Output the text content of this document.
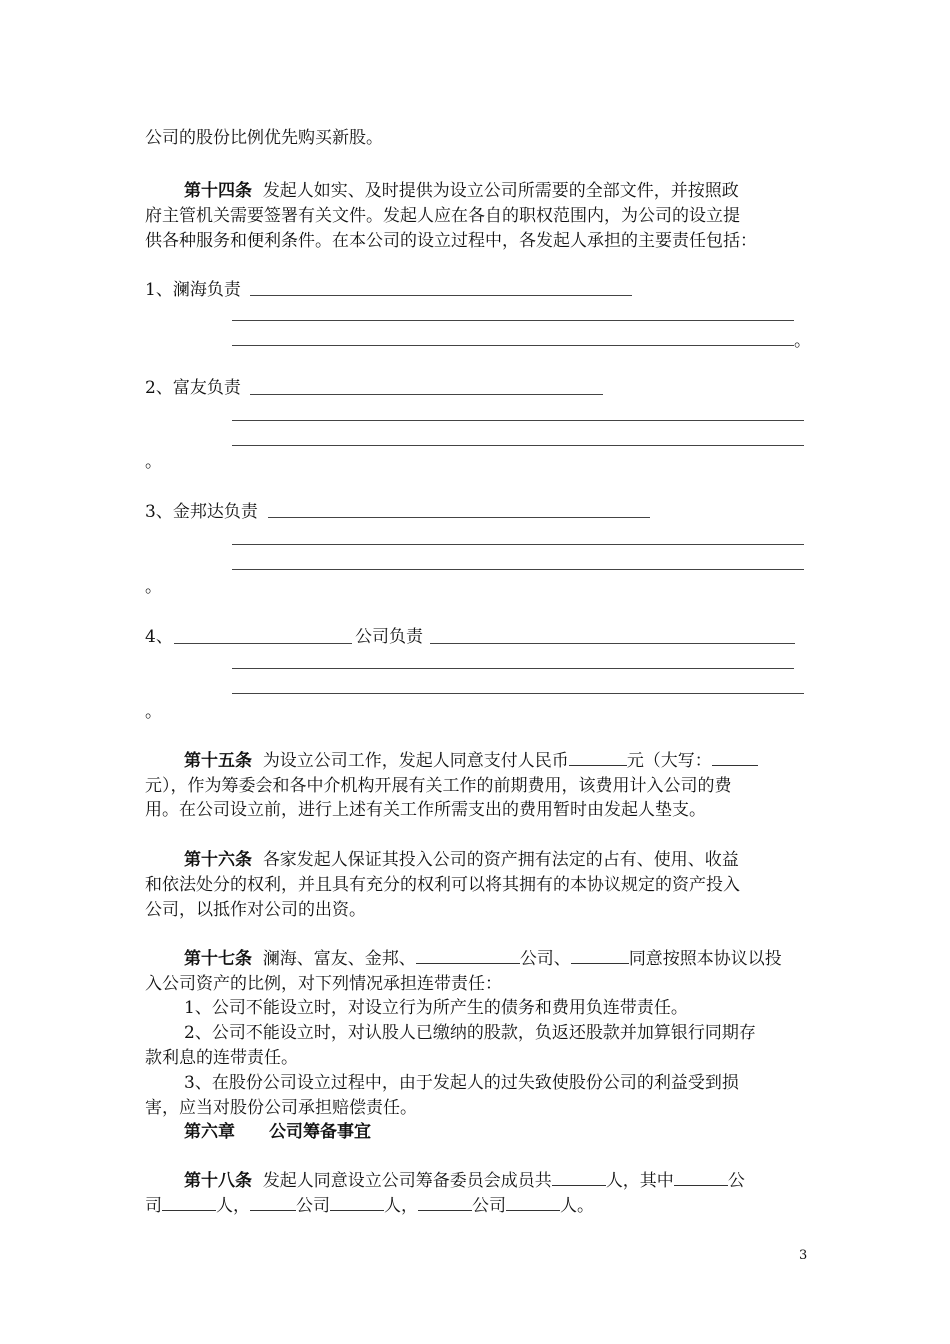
公司的股份比例优先购买新股。
第十四条 发起人如实、及时提供为设立公司所需要的全部文件，并按照政
府主管机关需要签署有关文件。发起人应在各自的职权范围内，为公司的设立提
供各种服务和便利条件。在本公司的设立过程中，各发起人承担的主要责任包括：
1、澜海负责
。
2、富友负责
。
3、金邦达负责
。
4、	公司负责
。
第十五条 为设立公司工作，发起人同意支付人民币	元（大写：
元），作为筹委会和各中介机构开展有关工作的前期费用，该费用计入公司的费
用。在公司设立前，进行上述有关工作所需支出的费用暂时由发起人垫支。
第十六条 各家发起人保证其投入公司的资产拥有法定的占有、使用、收益
和依法处分的权利，并且具有充分的权利可以将其拥有的本协议规定的资产投入
公司，以抵作对公司的出资。
第十七条 澜海、富友、金邦、	公司、	同意按照本协议以投
入公司资产的比例，对下列情况承担连带责任：
1、公司不能设立时，对设立行为所产生的债务和费用负连带责任。
2、公司不能设立时，对认股人已缴纳的股款，负返还股款并加算银行同期存
款利息的连带责任。
3、在股份公司设立过程中，由于发起人的过失致使股份公司的利益受到损
害，应当对股份公司承担赔偿责任。
第六章　　公司筹备事宜
第十八条 发起人同意设立公司筹备委员会成员共	人，其中	公
司	人，	公司	人，	公司	人。
3
